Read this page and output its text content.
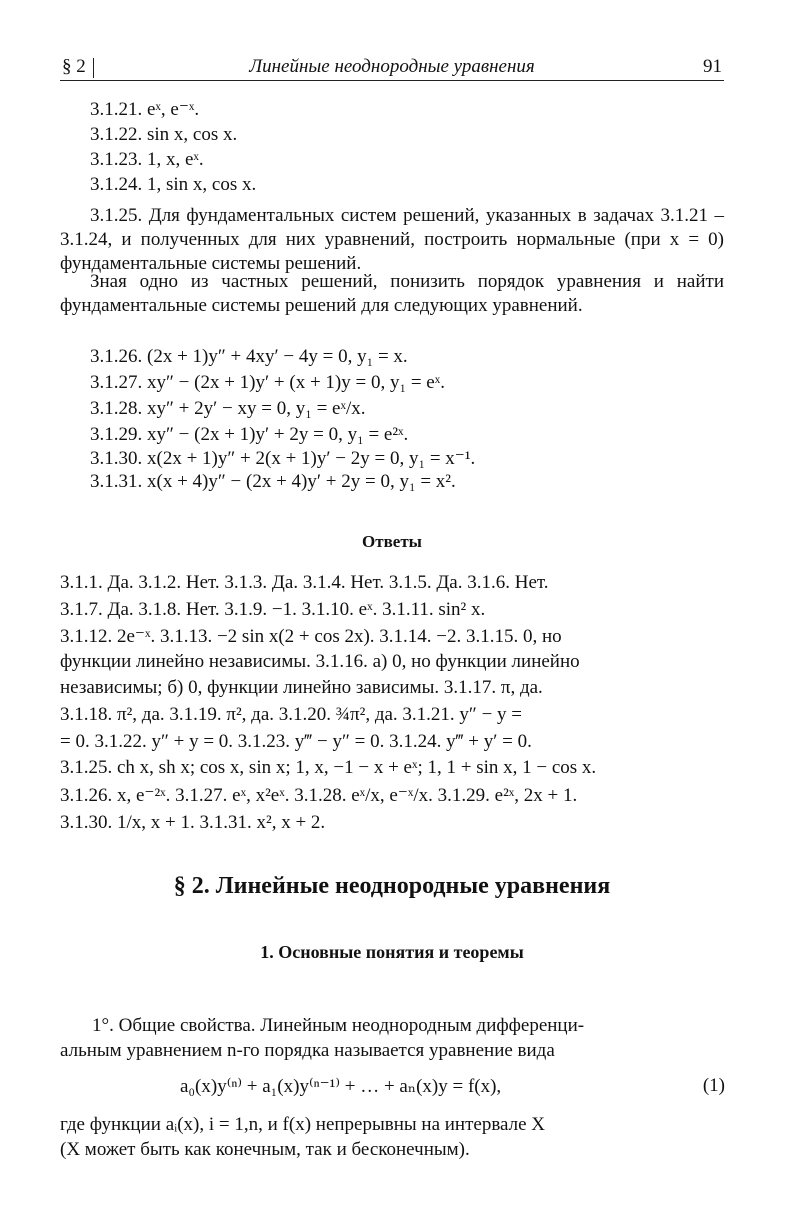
§ 2	Линейные неоднородные уравнения	91
3.1.21. eˣ, e⁻ˣ.
3.1.22. sin x, cos x.
3.1.23. 1, x, eˣ.
3.1.24. 1, sin x, cos x.
3.1.25. Для фундаментальных систем решений, указанных в задачах 3.1.21 – 3.1.24, и полученных для них уравнений, построить нормальные (при x = 0) фундаментальные системы решений.
Зная одно из частных решений, понизить порядок уравнения и найти фундаментальные системы решений для следующих уравнений.
3.1.26. (2x + 1)y″ + 4xy′ − 4y = 0, y₁ = x.
3.1.27. xy″ − (2x + 1)y′ + (x + 1)y = 0, y₁ = eˣ.
3.1.28. xy″ + 2y′ − xy = 0, y₁ = eˣ/x.
3.1.29. xy″ − (2x + 1)y′ + 2y = 0, y₁ = e²ˣ.
3.1.30. x(2x + 1)y″ + 2(x + 1)y′ − 2y = 0, y₁ = x⁻¹.
3.1.31. x(x + 4)y″ − (2x + 4)y′ + 2y = 0, y₁ = x².
Ответы
3.1.1. Да. 3.1.2. Нет. 3.1.3. Да. 3.1.4. Нет. 3.1.5. Да. 3.1.6. Нет.
3.1.7. Да. 3.1.8. Нет. 3.1.9. −1. 3.1.10. eˣ. 3.1.11. sin² x.
3.1.12. 2e⁻ˣ. 3.1.13. −2 sin x(2 + cos 2x). 3.1.14. −2. 3.1.15. 0, но
функции линейно независимы. 3.1.16. а) 0, но функции линейно
независимы; б) 0, функции линейно зависимы. 3.1.17. π, да.
3.1.18. π², да. 3.1.19. π², да. 3.1.20. ¾π², да. 3.1.21. y″ − y =
= 0. 3.1.22. y″ + y = 0. 3.1.23. y‴ − y″ = 0. 3.1.24. y‴ + y′ = 0.
3.1.25. ch x, sh x; cos x, sin x; 1, x, −1 − x + eˣ; 1, 1 + sin x, 1 − cos x.
3.1.26. x, e⁻²ˣ. 3.1.27. eˣ, x²eˣ. 3.1.28. eˣ/x, e⁻ˣ/x. 3.1.29. e²ˣ, 2x + 1.
3.1.30. 1/x, x + 1. 3.1.31. x², x + 2.
§ 2. Линейные неоднородные уравнения
1. Основные понятия и теоремы
1°. Общие свойства. Линейным неоднородным дифференци-
альным уравнением n-го порядка называется уравнение вида
a₀(x)y⁽ⁿ⁾ + a₁(x)y⁽ⁿ⁻¹⁾ + … + aₙ(x)y = f(x),	(1)
где функции aᵢ(x), i = 1,n, и f(x) непрерывны на интервале X
(X может быть как конечным, так и бесконечным).
